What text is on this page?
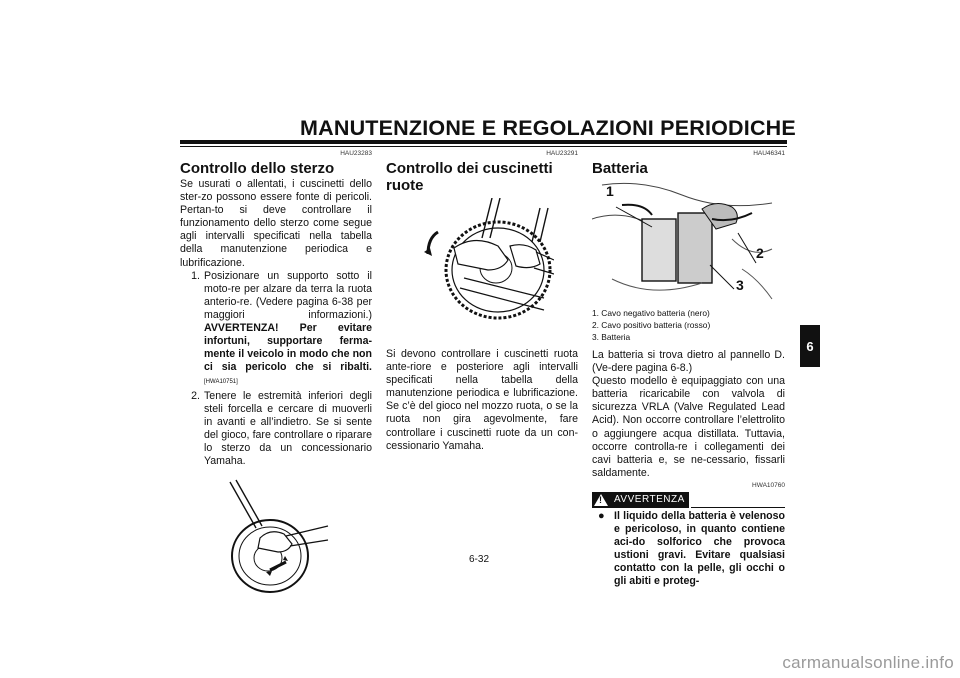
MANUTENZIONE E REGOLAZIONI PERIODICHE
HAU23283
Controllo dello sterzo

Se usurati o allentati, i cuscinetti dello ster-zo possono essere fonte di pericoli. Pertan-to si deve controllare il funzionamento dello sterzo come segue agli intervalli specificati nella tabella della manutenzione periodica e lubrificazione.

1. Posizionare un supporto sotto il moto-re per alzare da terra la ruota anterio-re. (Vedere pagina 6-38 per maggiori informazioni.) AVVERTENZA! Per evitare infortuni, supportare ferma-mente il veicolo in modo che non ci sia pericolo che si ribalti. [HWA10751]
2. Tenere le estremità inferiori degli steli forcella e cercare di muoverli in avanti e all’indietro. Se si sente del gioco, fare controllare o riparare lo sterzo da un concessionario Yamaha.
HAU23291
Controllo dei cuscinetti ruote

Si devono controllare i cuscinetti ruota ante-riore e posteriore agli intervalli specificati nella tabella della manutenzione periodica e lubrificazione. Se c’è del gioco nel mozzo ruota, o se la ruota non gira agevolmente, fare controllare i cuscinetti ruote da un con-cessionario Yamaha.

HAU46341
Batteria
1
2
3
1. Cavo negativo batteria (nero)
2. Cavo positivo batteria (rosso)
3. Batteria

La batteria si trova dietro al pannello D. (Ve-dere pagina 6-8.)
Questo modello è equipaggiato con una batteria ricaricabile con valvola di sicurezza VRLA (Valve Regulated Lead Acid). Non occorre controllare l’elettrolito o aggiungere acqua distillata. Tuttavia, occorre controlla-re i collegamenti dei cavi batteria e, se ne-cessario, fissarli saldamente.

HWA10760
! AVVERTENZA
● Il liquido della batteria è velenoso e pericoloso, in quanto contiene aci-do solforico che provoca ustioni gravi. Evitare qualsiasi contatto con la pelle, gli occhi o gli abiti e proteg-
6
6-32
carmanualsonline.info
